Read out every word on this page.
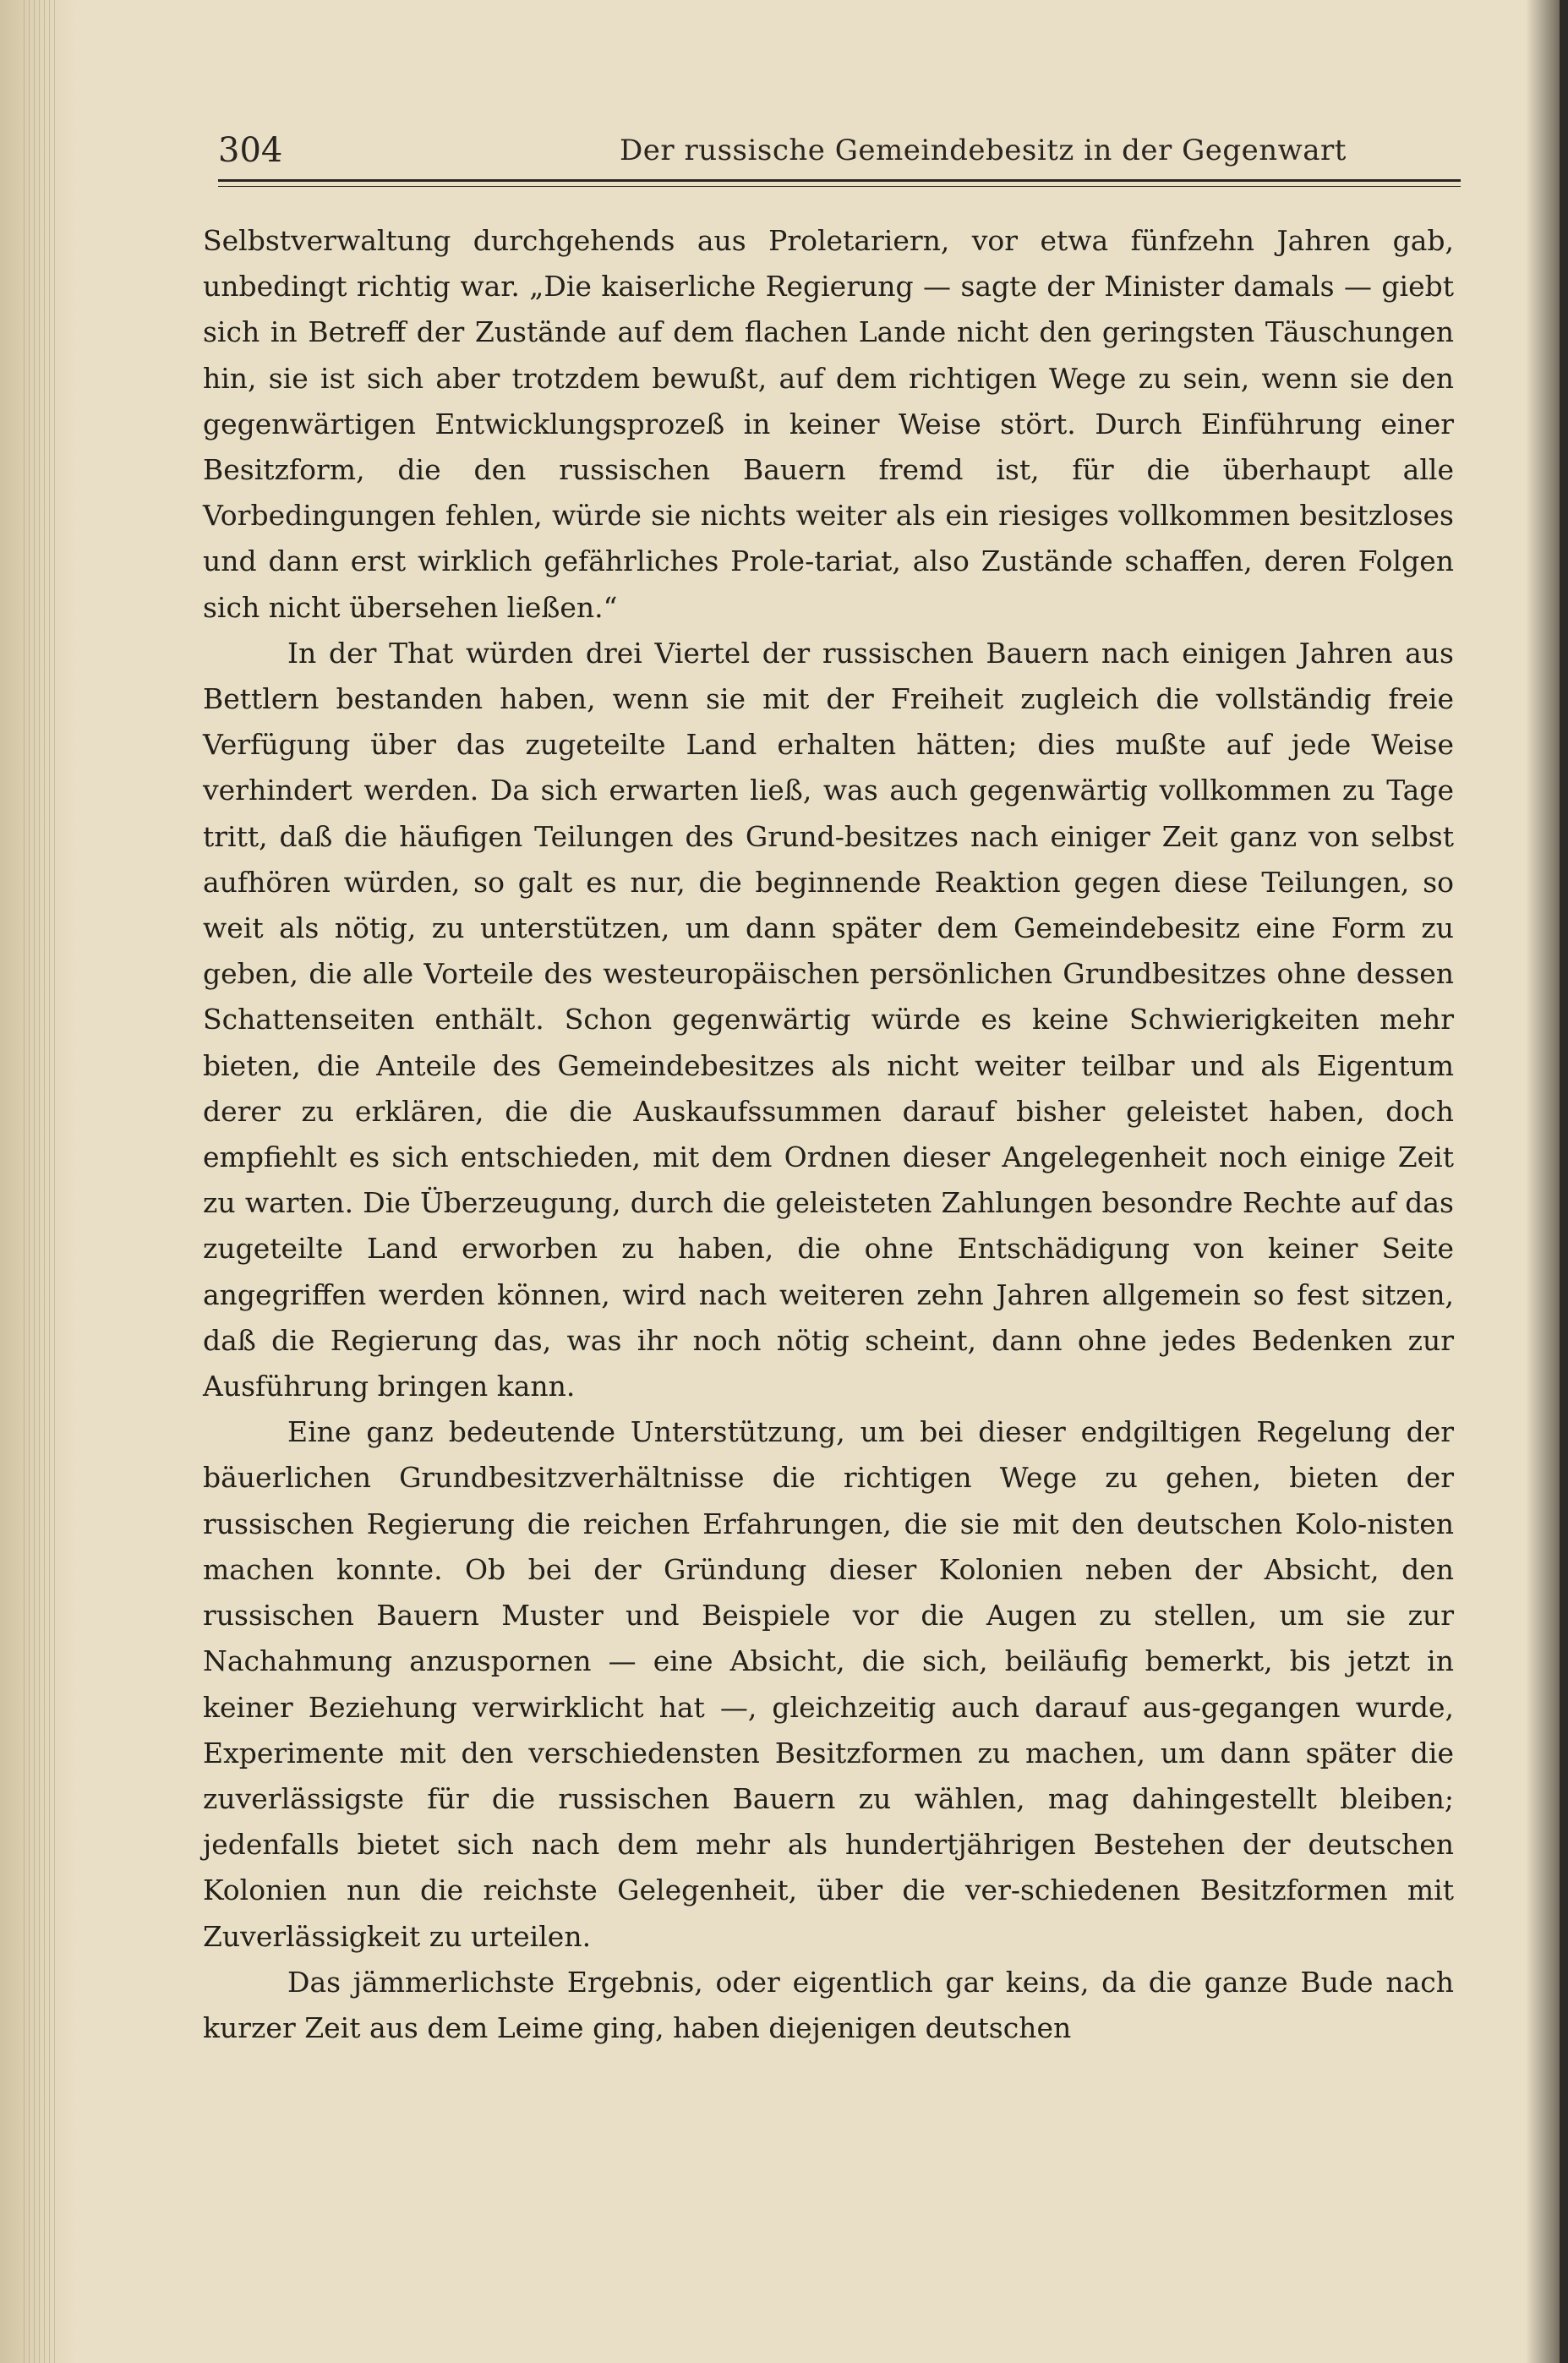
304	Der russische Gemeindebesitz in der Gegenwart

Selbstverwaltung durchgehends aus Proletariern, vor etwa fünfzehn Jahren gab, unbedingt richtig war. „Die kaiserliche Regierung — sagte der Minister damals — giebt sich in Betreff der Zustände auf dem flachen Lande nicht den geringsten Täuschungen hin, sie ist sich aber trotzdem bewußt, auf dem richtigen Wege zu sein, wenn sie den gegenwärtigen Entwicklungsprozeß in keiner Weise stört. Durch Einführung einer Besitzform, die den russischen Bauern fremd ist, für die überhaupt alle Vorbedingungen fehlen, würde sie nichts weiter als ein riesiges vollkommen besitzloses und dann erst wirklich gefährliches Prole-tariat, also Zustände schaffen, deren Folgen sich nicht übersehen ließen.“

In der That würden drei Viertel der russischen Bauern nach einigen Jahren aus Bettlern bestanden haben, wenn sie mit der Freiheit zugleich die vollständig freie Verfügung über das zugeteilte Land erhalten hätten; dies mußte auf jede Weise verhindert werden. Da sich erwarten ließ, was auch gegenwärtig vollkommen zu Tage tritt, daß die häufigen Teilungen des Grund-besitzes nach einiger Zeit ganz von selbst aufhören würden, so galt es nur, die beginnende Reaktion gegen diese Teilungen, so weit als nötig, zu unterstützen, um dann später dem Gemeindebesitz eine Form zu geben, die alle Vorteile des westeuropäischen persönlichen Grundbesitzes ohne dessen Schattenseiten enthält. Schon gegenwärtig würde es keine Schwierigkeiten mehr bieten, die Anteile des Gemeindebesitzes als nicht weiter teilbar und als Eigentum derer zu erklären, die die Auskaufssummen darauf bisher geleistet haben, doch empfiehlt es sich entschieden, mit dem Ordnen dieser Angelegenheit noch einige Zeit zu warten. Die Überzeugung, durch die geleisteten Zahlungen besondre Rechte auf das zugeteilte Land erworben zu haben, die ohne Entschädigung von keiner Seite angegriffen werden können, wird nach weiteren zehn Jahren allgemein so fest sitzen, daß die Regierung das, was ihr noch nötig scheint, dann ohne jedes Bedenken zur Ausführung bringen kann.

Eine ganz bedeutende Unterstützung, um bei dieser endgiltigen Regelung der bäuerlichen Grundbesitzverhältnisse die richtigen Wege zu gehen, bieten der russischen Regierung die reichen Erfahrungen, die sie mit den deutschen Kolo-nisten machen konnte. Ob bei der Gründung dieser Kolonien neben der Absicht, den russischen Bauern Muster und Beispiele vor die Augen zu stellen, um sie zur Nachahmung anzuspornen — eine Absicht, die sich, beiläufig bemerkt, bis jetzt in keiner Beziehung verwirklicht hat —, gleichzeitig auch darauf aus-gegangen wurde, Experimente mit den verschiedensten Besitzformen zu machen, um dann später die zuverlässigste für die russischen Bauern zu wählen, mag dahingestellt bleiben; jedenfalls bietet sich nach dem mehr als hundertjährigen Bestehen der deutschen Kolonien nun die reichste Gelegenheit, über die ver-schiedenen Besitzformen mit Zuverlässigkeit zu urteilen.

Das jämmerlichste Ergebnis, oder eigentlich gar keins, da die ganze Bude nach kurzer Zeit aus dem Leime ging, haben diejenigen deutschen
